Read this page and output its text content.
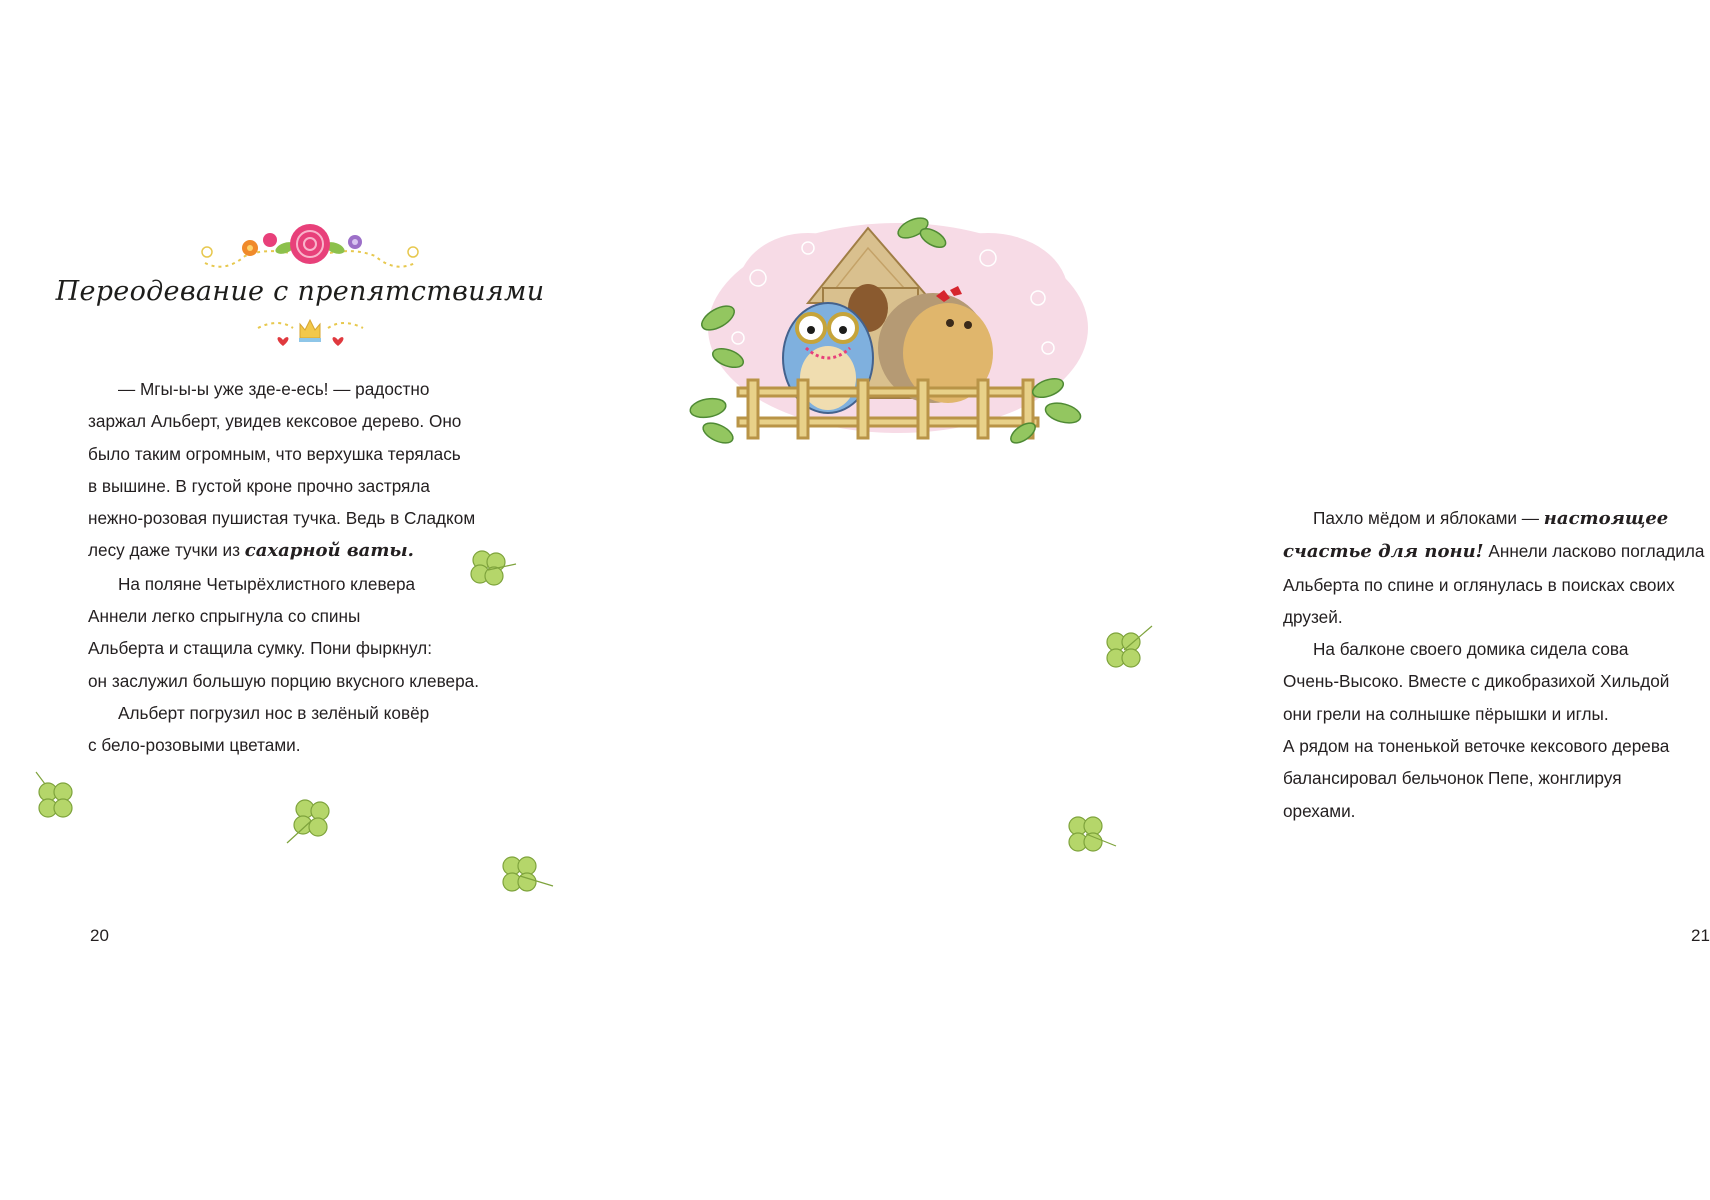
Переодевание с препятствиями
— Мгы-ы-ы уже зде-е-есь! — радостно
заржал Альберт, увидев кексовое дерево. Оно
было таким огромным, что верхушка терялась
в вышине. В густой кроне прочно застряла
нежно-розовая пушистая тучка. Ведь в Сладком
лесу даже тучки из сахарной ваты.
На поляне Четырёхлистного клевера
Аннели легко спрыгнула со спины
Альберта и стащила сумку. Пони фыркнул:
он заслужил большую порцию вкусного клевера.
Альберт погрузил нос в зелёный ковёр
с бело-розовыми цветами.
20
Пахло мёдом и яблоками — настоящее
счастье для пони! Аннели ласково погладила
Альберта по спине и оглянулась в поисках своих
друзей.
На балконе своего домика сидела сова
Очень-Высоко. Вместе с дикобразихой Хильдой
они грели на солнышке пёрышки и иглы.
А рядом на тоненькой веточке кексового дерева
балансировал бельчонок Пепе, жонглируя
орехами.
21
